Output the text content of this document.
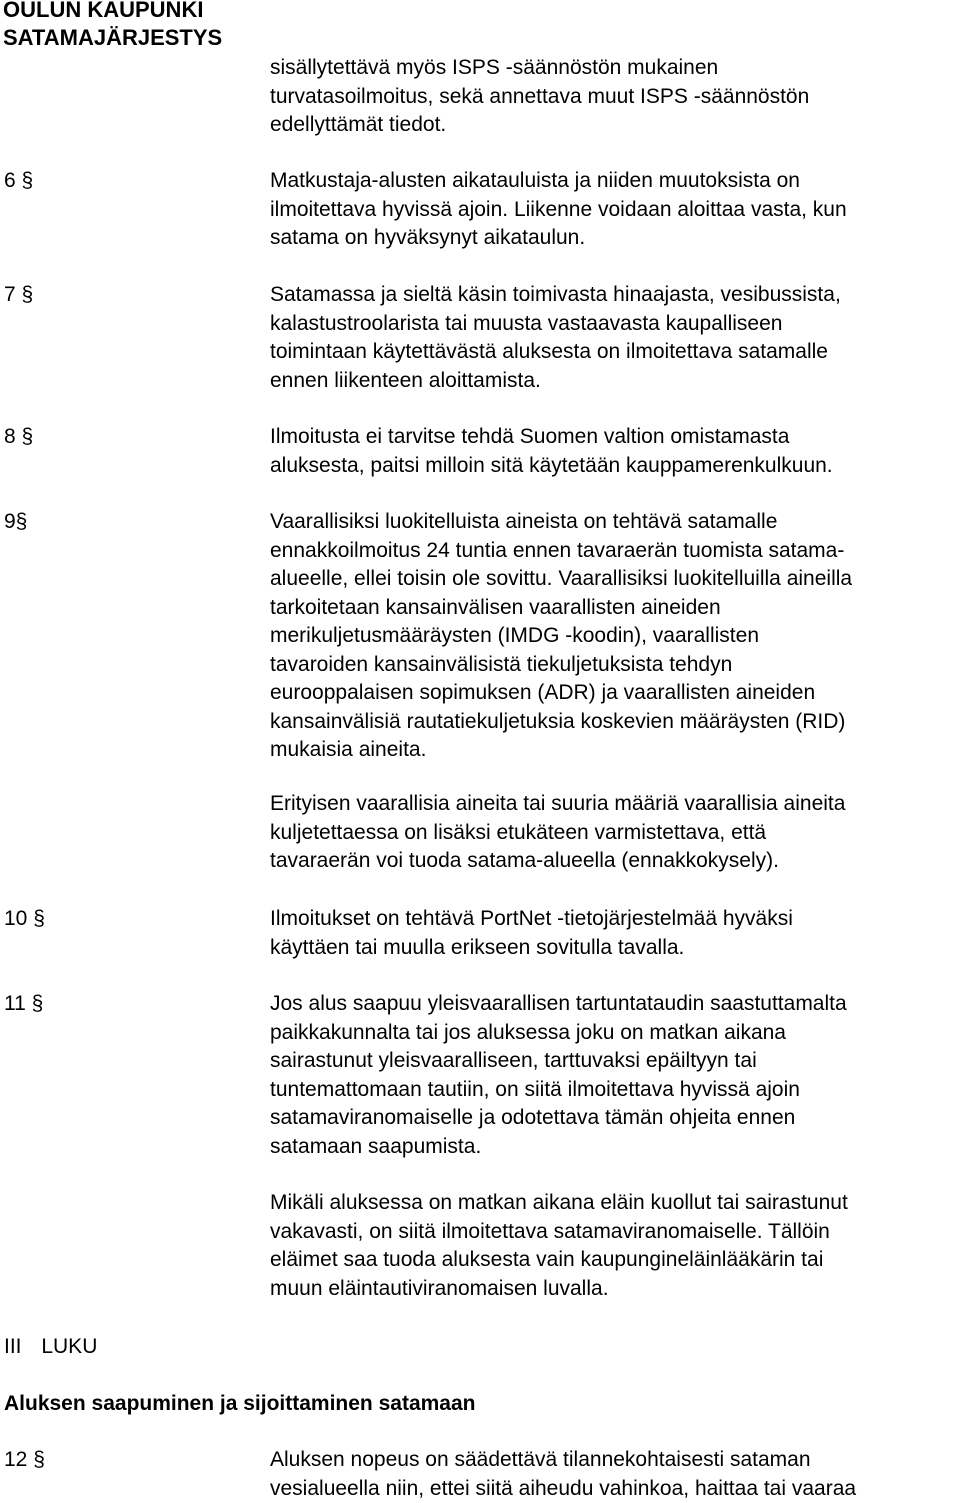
OULUN KAUPUNKI
SATAMAJÄRJESTYS
sisällytettävä myös ISPS -säännöstön mukainen
turvatasoilmoitus, sekä annettava muut ISPS -säännöstön
edellyttämät tiedot.
6 §	Matkustaja-alusten aikatauluista ja niiden muutoksista on
ilmoitettava hyvissä ajoin. Liikenne voidaan aloittaa vasta, kun
satama on hyväksynyt aikataulun.
7 §	Satamassa ja sieltä käsin toimivasta hinaajasta, vesibussista,
kalastustroolarista tai muusta vastaavasta kaupalliseen
toimintaan käytettävästä aluksesta on ilmoitettava satamalle
ennen liikenteen aloittamista.
8 §	Ilmoitusta ei tarvitse tehdä Suomen valtion omistamasta
aluksesta, paitsi milloin sitä käytetään kauppamerenkulkuun.
9§	Vaarallisiksi luokitelluista aineista on tehtävä satamalle
ennakkoilmoitus 24 tuntia ennen tavaraerän tuomista satama-
alueelle, ellei toisin ole sovittu. Vaarallisiksi luokitelluilla aineilla
tarkoitetaan kansainvälisen vaarallisten aineiden
merikuljetusmääräysten (IMDG -koodin), vaarallisten
tavaroiden kansainvälisistä tiekuljetuksista tehdyn
eurooppalaisen sopimuksen (ADR) ja vaarallisten aineiden
kansainvälisiä rautatiekuljetuksia koskevien määräysten (RID)
mukaisia aineita.
Erityisen vaarallisia aineita tai suuria määriä vaarallisia aineita
kuljetettaessa on lisäksi etukäteen varmistettava, että
tavaraerän voi tuoda satama-alueella (ennakkokysely).
10 §	Ilmoitukset on tehtävä PortNet -tietojärjestelmää hyväksi
käyttäen tai muulla erikseen sovitulla tavalla.
11 §	Jos alus saapuu yleisvaarallisen tartuntataudin saastuttamalta
paikkakunnalta tai jos aluksessa joku on matkan aikana
sairastunut yleisvaaralliseen, tarttuvaksi epäiltyyn tai
tuntemattomaan tautiin, on siitä ilmoitettava hyvissä ajoin
satamaviranomaiselle ja odotettava tämän ohjeita ennen
satamaan saapumista.
Mikäli aluksessa on matkan aikana eläin kuollut tai sairastunut
vakavasti, on siitä ilmoitettava satamaviranomaiselle. Tällöin
eläimet saa tuoda aluksesta vain kaupungineläinlääkärin tai
muun eläintautiviranomaisen luvalla.
III LUKU
Aluksen saapuminen ja sijoittaminen satamaan
12 §	Aluksen nopeus on säädettävä tilannekohtaisesti sataman
vesialueella niin, ettei siitä aiheudu vahinkoa, haittaa tai vaaraa
